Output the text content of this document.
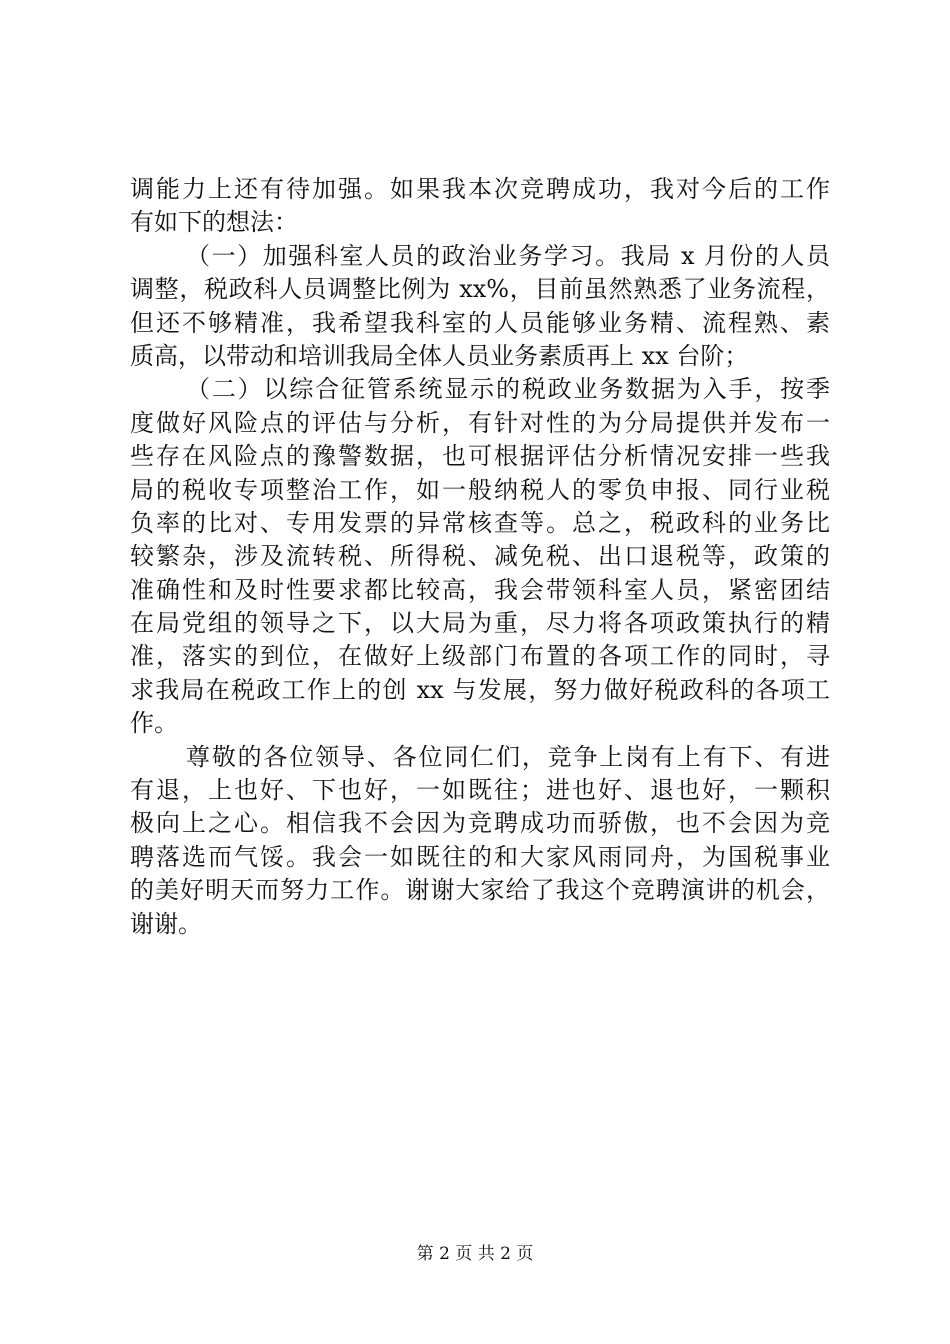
调能力上还有待加强。如果我本次竞聘成功，我对今后的工作
有如下的想法：
（一）加强科室人员的政治业务学习。我局 x 月份的人员
调整，税政科人员调整比例为 xx%，目前虽然熟悉了业务流程，
但还不够精准，我希望我科室的人员能够业务精、流程熟、素
质高，以带动和培训我局全体人员业务素质再上 xx 台阶；
（二）以综合征管系统显示的税政业务数据为入手，按季
度做好风险点的评估与分析，有针对性的为分局提供并发布一
些存在风险点的豫警数据，也可根据评估分析情况安排一些我
局的税收专项整治工作，如一般纳税人的零负申报、同行业税
负率的比对、专用发票的异常核查等。总之，税政科的业务比
较繁杂，涉及流转税、所得税、减免税、出口退税等，政策的
准确性和及时性要求都比较高，我会带领科室人员，紧密团结
在局党组的领导之下，以大局为重，尽力将各项政策执行的精
准，落实的到位，在做好上级部门布置的各项工作的同时，寻
求我局在税政工作上的创 xx 与发展，努力做好税政科的各项工
作。
尊敬的各位领导、各位同仁们，竞争上岗有上有下、有进
有退，上也好、下也好，一如既往；进也好、退也好，一颗积
极向上之心。相信我不会因为竞聘成功而骄傲，也不会因为竞
聘落选而气馁。我会一如既往的和大家风雨同舟，为国税事业
的美好明天而努力工作。谢谢大家给了我这个竞聘演讲的机会，
谢谢。
第 2 页 共 2 页
